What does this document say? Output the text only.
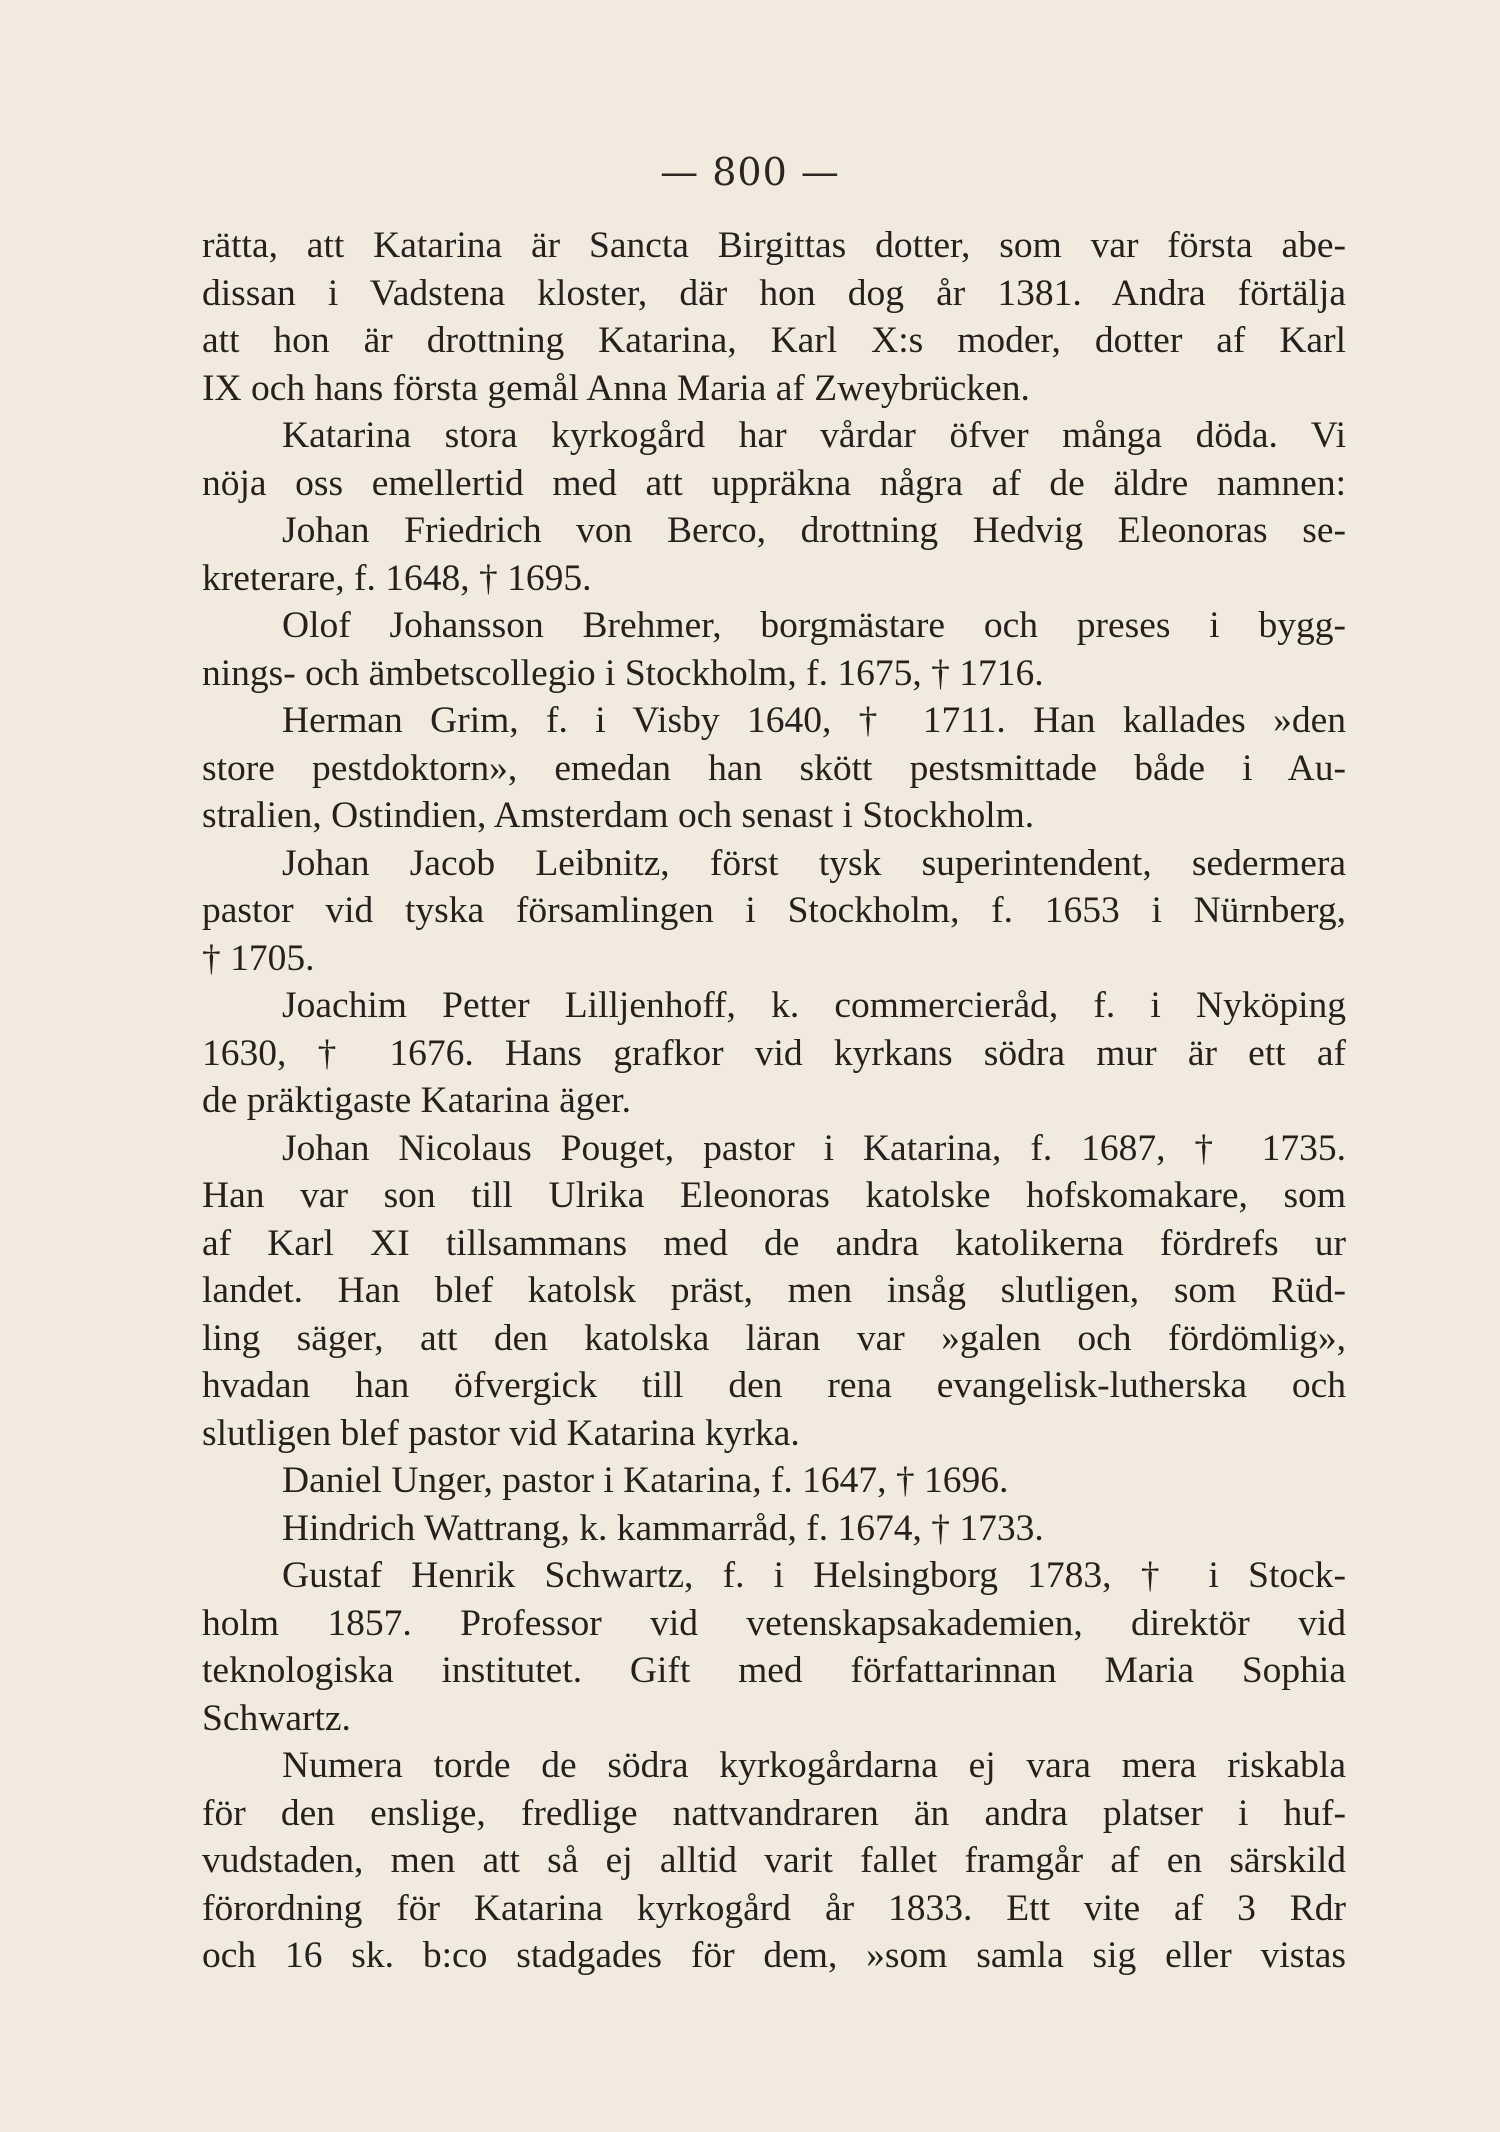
— 800 —
rätta, att Katarina är Sancta Birgittas dotter, som var första abe-
dissan i Vadstena kloster, där hon dog år 1381. Andra förtälja
att hon är drottning Katarina, Karl X:s moder, dotter af Karl
IX och hans första gemål Anna Maria af Zweybrücken.
Katarina stora kyrkogård har vårdar öfver många döda. Vi
nöja oss emellertid med att uppräkna några af de äldre namnen:
Johan Friedrich von Berco, drottning Hedvig Eleonoras se-
kreterare, f. 1648, † 1695.
Olof Johansson Brehmer, borgmästare och preses i bygg-
nings- och ämbetscollegio i Stockholm, f. 1675, † 1716.
Herman Grim, f. i Visby 1640, † 1711. Han kallades »den
store pestdoktorn», emedan han skött pestsmittade både i Au-
stralien, Ostindien, Amsterdam och senast i Stockholm.
Johan Jacob Leibnitz, först tysk superintendent, sedermera
pastor vid tyska församlingen i Stockholm, f. 1653 i Nürnberg,
† 1705.
Joachim Petter Lilljenhoff, k. commerciеråd, f. i Nyköping
1630, † 1676. Hans grafkor vid kyrkans södra mur är ett af
de präktigaste Katarina äger.
Johan Nicolaus Pouget, pastor i Katarina, f. 1687, † 1735.
Han var son till Ulrika Eleonoras katolske hofskomakare, som
af Karl XI tillsammans med de andra katolikerna fördrefs ur
landet. Han blef katolsk präst, men insåg slutligen, som Rüd-
ling säger, att den katolska läran var »galen och fördömlig»,
hvadan han öfvergick till den rena evangelisk-lutherska och
slutligen blef pastor vid Katarina kyrka.
Daniel Unger, pastor i Katarina, f. 1647, † 1696.
Hindrich Wattrang, k. kammarråd, f. 1674, † 1733.
Gustaf Henrik Schwartz, f. i Helsingborg 1783, † i Stock-
holm 1857. Professor vid vetenskapsakademien, direktör vid
teknologiska institutet. Gift med författarinnan Maria Sophia
Schwartz.
Numera torde de södra kyrkogårdarna ej vara mera riskabla
för den enslige, fredlige nattvandraren än andra platser i huf-
vudstaden, men att så ej alltid varit fallet framgår af en särskild
förordning för Katarina kyrkogård år 1833. Ett vite af 3 Rdr
och 16 sk. b:co stadgades för dem, »som samla sig eller vistas
